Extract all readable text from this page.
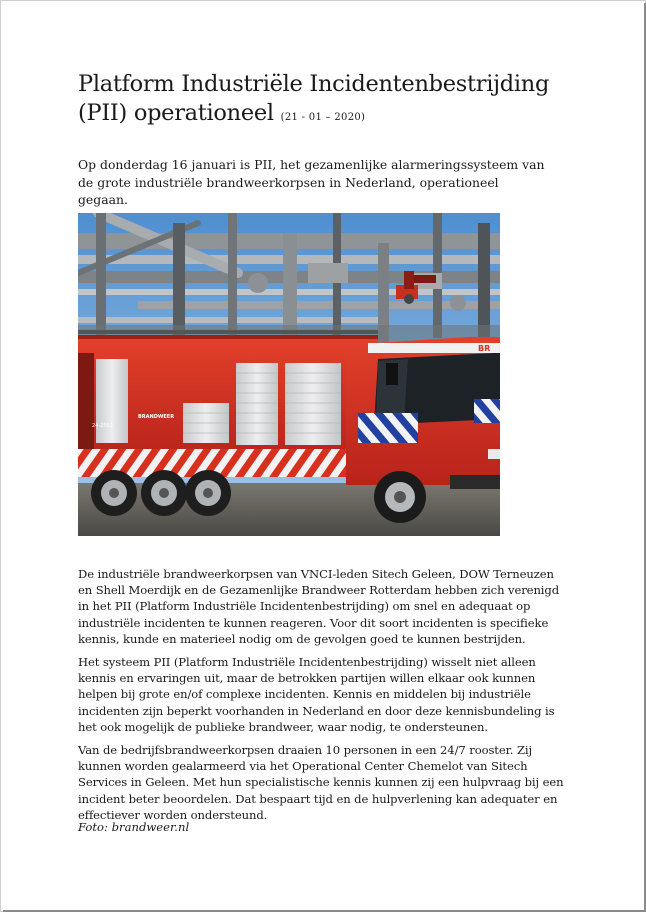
Platform Industriële Incidentenbestrijding (PII) operationeel (21 - 01 – 2020)

Op donderdag 16 januari is PII, het gezamenlijke alarmeringssysteem van de grote industriële brandweerkorpsen in Nederland, operationeel gegaan.

24-2562
BRANDWEER
BR

De industriële brandweerkorpsen van VNCI-leden Sitech Geleen, DOW Terneuzen en Shell Moerdijk en de Gezamenlijke Brandweer Rotterdam hebben zich verenigd in het PII (Platform Industriële Incidentenbestrijding) om snel en adequaat op industriële incidenten te kunnen reageren. Voor dit soort incidenten is specifieke kennis, kunde en materieel nodig om de gevolgen goed te kunnen bestrijden.

Het systeem PII (Platform Industriële Incidentenbestrijding) wisselt niet alleen kennis en ervaringen uit, maar de betrokken partijen willen elkaar ook kunnen helpen bij grote en/of complexe incidenten. Kennis en middelen bij industriële incidenten zijn beperkt voorhanden in Nederland en door deze kennisbundeling is het ook mogelijk de publieke brandweer, waar nodig, te ondersteunen.

Van de bedrijfsbrandweerkorpsen draaien 10 personen in een 24/7 rooster. Zij kunnen worden gealarmeerd via het Operational Center Chemelot van Sitech Services in Geleen. Met hun specialistische kennis kunnen zij een hulpvraag bij een incident beter beoordelen. Dat bespaart tijd en de hulpverlening kan adequater en effectiever worden ondersteund.

Foto: brandweer.nl
